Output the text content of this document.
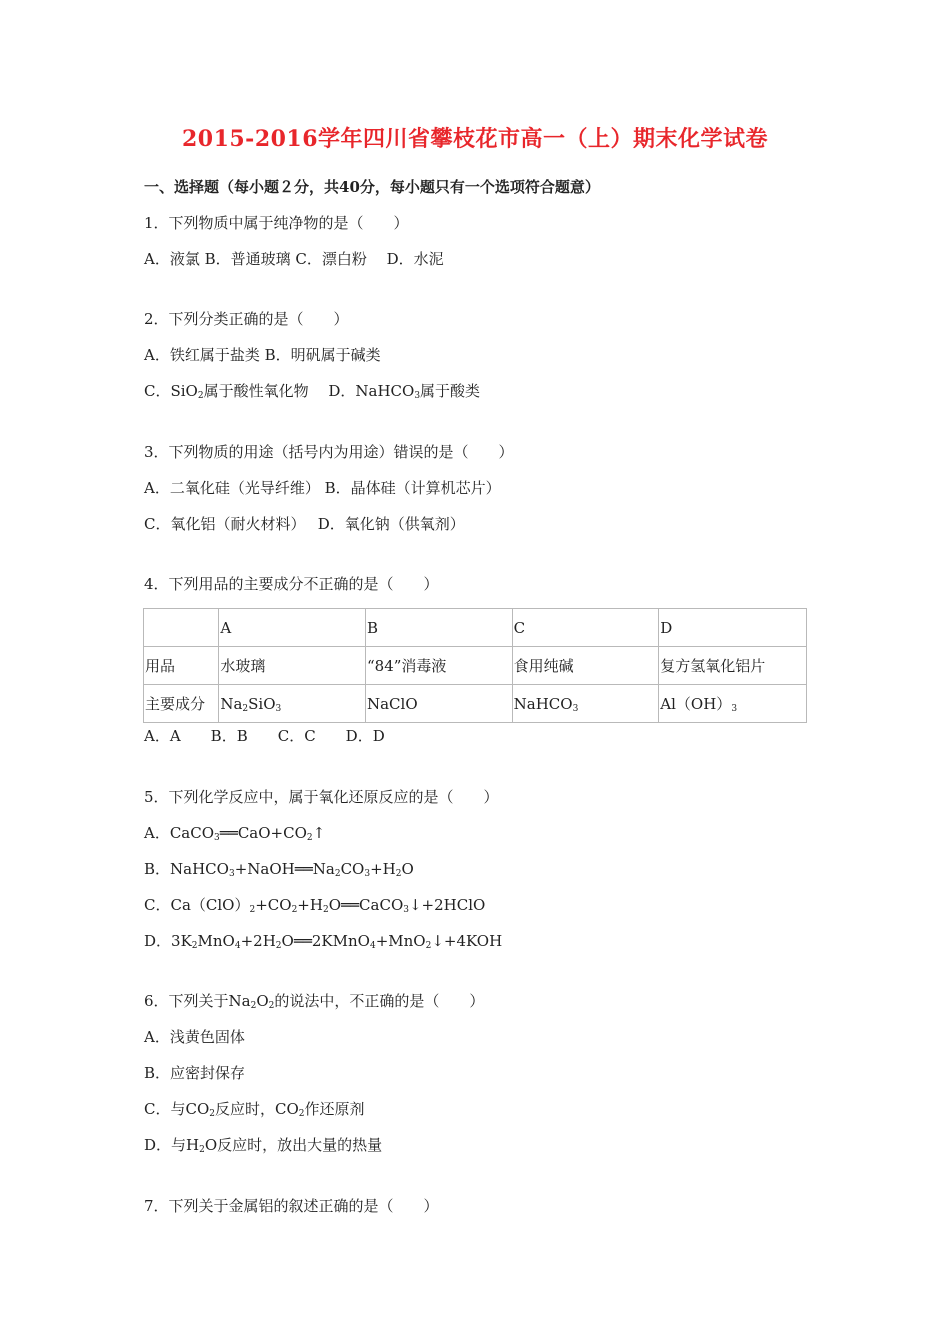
2015-2016学年四川省攀枝花市高一（上）期末化学试卷
一、选择题（每小题２分，共40分，每小题只有一个选项符合题意）
1．下列物质中属于纯净物的是（　　）
A．液氯 B．普通玻璃 C．漂白粉　 D．水泥
2．下列分类正确的是（　　）
A．铁红属于盐类 B．明矾属于碱类
C．SiO$_2$属于酸性氧化物　 D．NaHCO$_3$属于酸类
3．下列物质的用途（括号内为用途）错误的是（　　）
A．二氧化硅（光导纤维） B．晶体硅（计算机芯片）
C．氧化铝（耐火材料）　 D．氧化钠（供氧剂）
4．下列用品的主要成分不正确的是（　　）
	A	B	C	D
用品	水玻璃	“84”消毒液	食用纯碱	复方氢氧化铝片
主要成分	$Na_2SiO_3$	NaClO	NaHCO$_3$	$Al(OH)_3$
A．A　　B．B　　C．C　　D．D
5．下列化学反应中，属于氧化还原反应的是（　　）
A．$CaCO_3══CaO+CO_2↑$
B．$NaHCO_3+NaOH══Na_2CO_3+H_2O$
C．$Ca(ClO)_2+CO_2+H_2O══CaCO_3↓+2HClO$
D．$3K_2MnO_4+2H_2O══2KMnO_4+MnO_2↓+4KOH$
6．下列关于$Na_2O_2$的说法中，不正确的是（　　）
A．浅黄色固体
B．应密封保存
C．与$CO_2$反应时，$CO_2$作还原剂
D．与$H_2O$反应时，放出大量的热量
7．下列关于金属铝的叙述正确的是（　　）
